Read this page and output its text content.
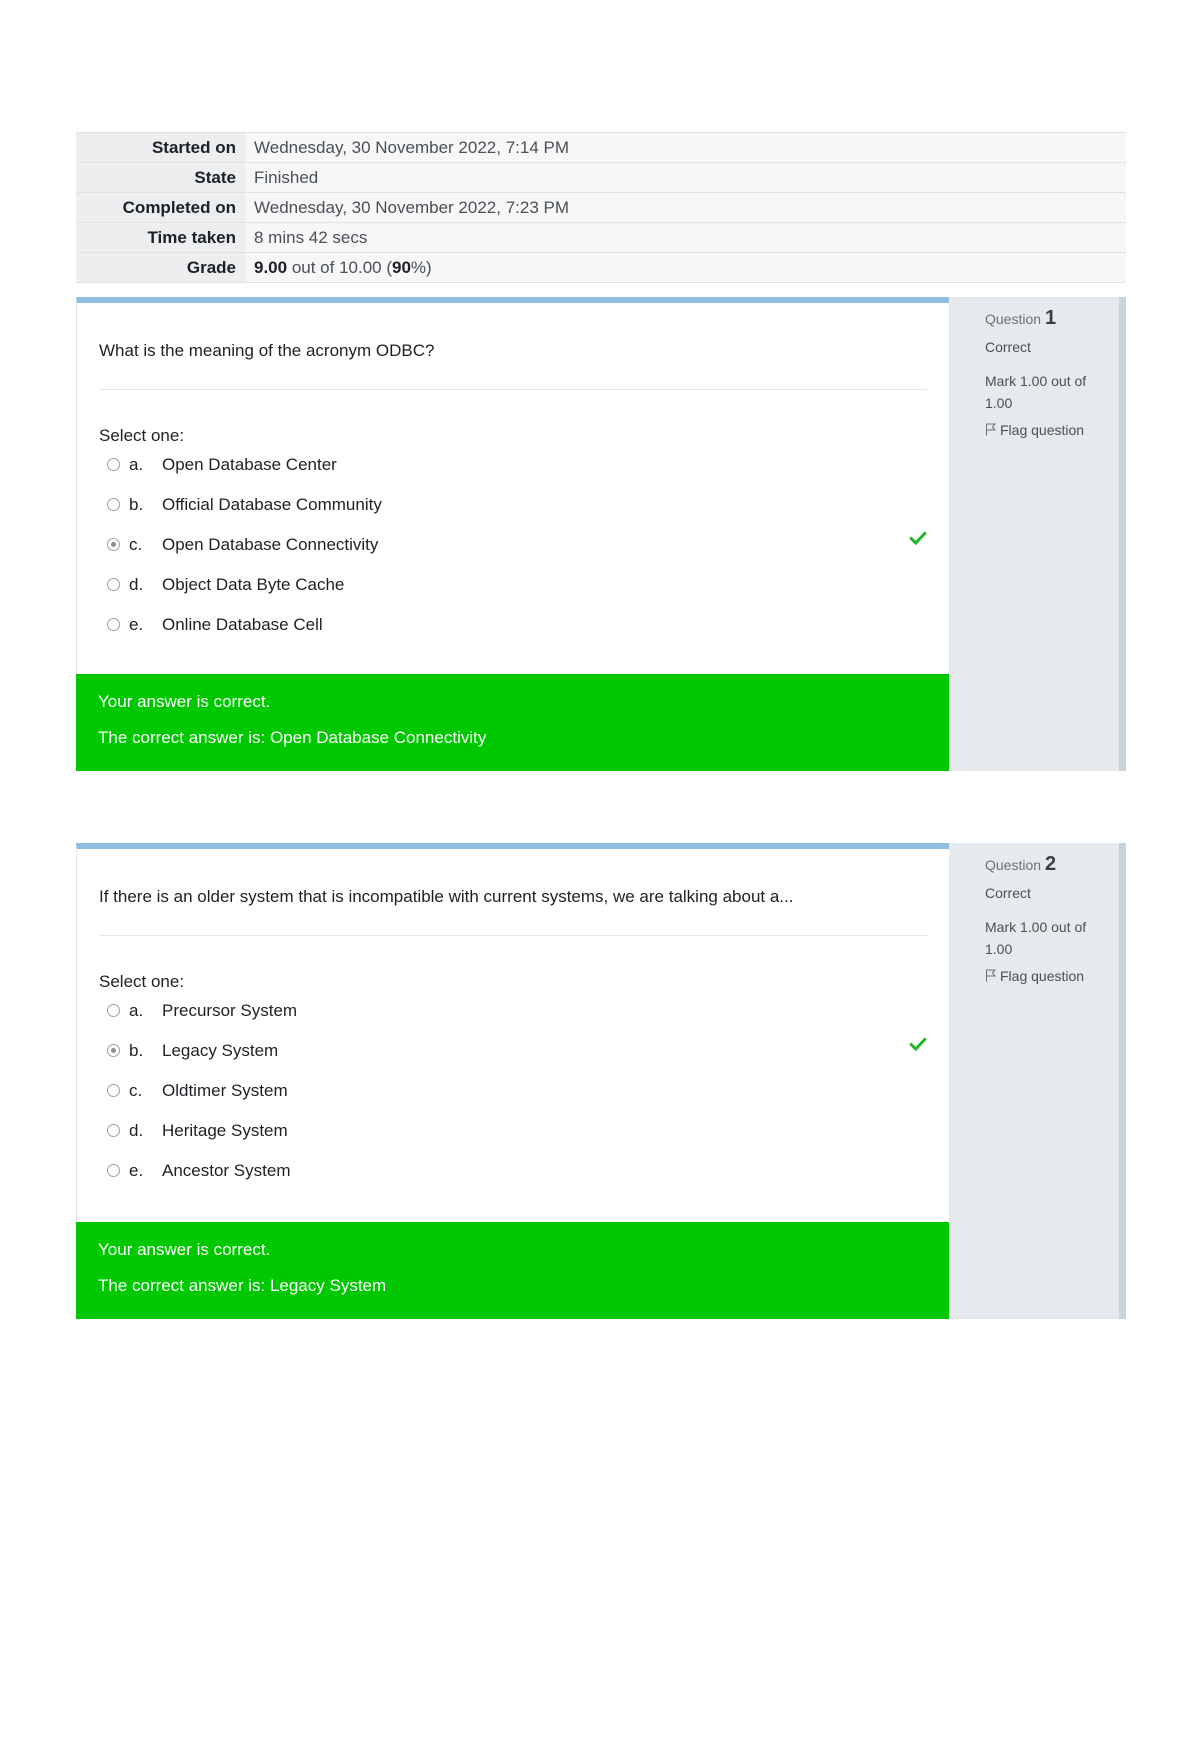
Started on	Wednesday, 30 November 2022, 7:14 PM
State	Finished
Completed on	Wednesday, 30 November 2022, 7:23 PM
Time taken	8 mins 42 secs
Grade	9.00 out of 10.00 (90%)
What is the meaning of the acronym ODBC?
Select one:
a. Open Database Center
b. Official Database Community
c. Open Database Connectivity
d. Object Data Byte Cache
e. Online Database Cell
Your answer is correct.
The correct answer is: Open Database Connectivity
Question 1
Correct
Mark 1.00 out of 1.00
Flag question
If there is an older system that is incompatible with current systems, we are talking about a...
Select one:
a. Precursor System
b. Legacy System
c. Oldtimer System
d. Heritage System
e. Ancestor System
Your answer is correct.
The correct answer is: Legacy System
Question 2
Correct
Mark 1.00 out of 1.00
Flag question
